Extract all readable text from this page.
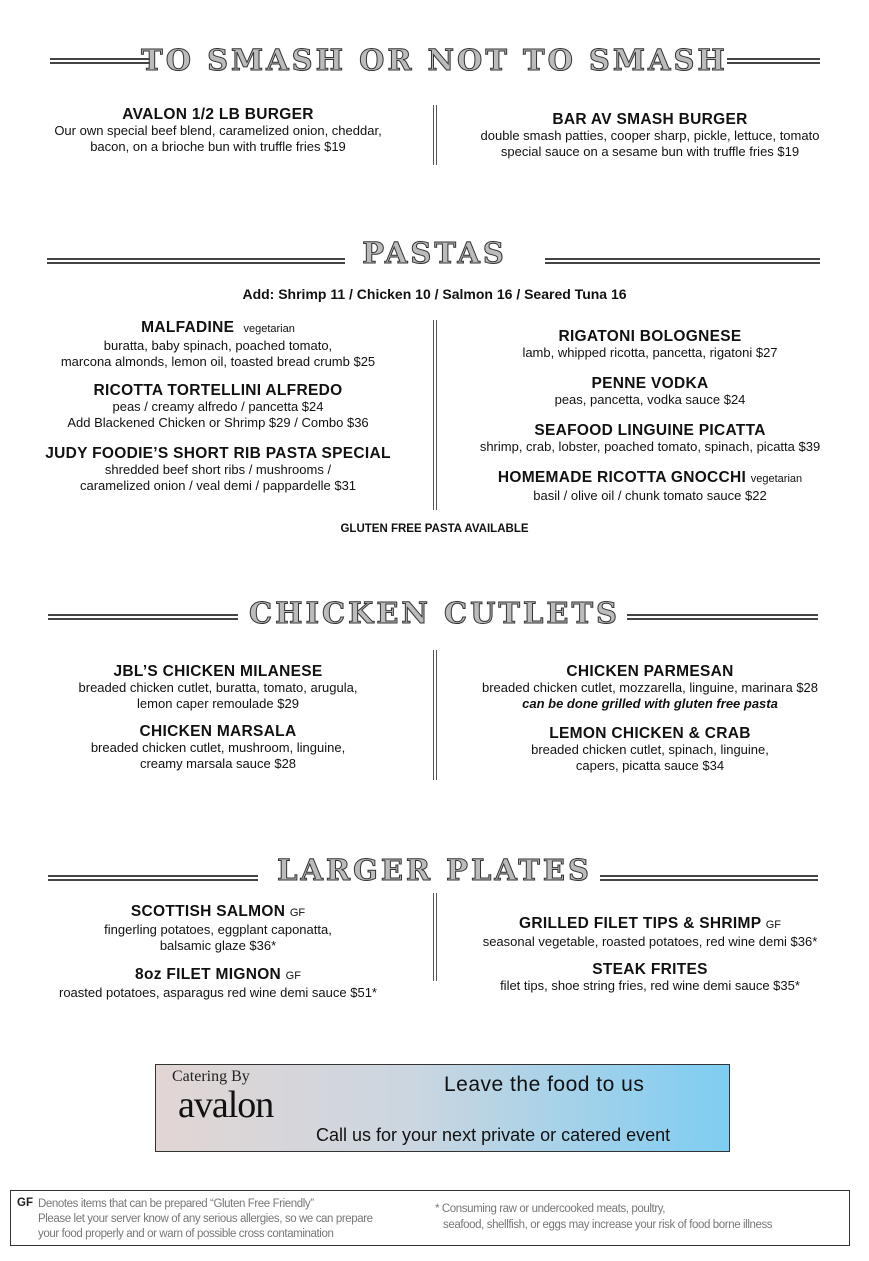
TO SMASH OR NOT TO SMASH
AVALON 1/2 LB BURGER
Our own special beef blend, caramelized onion, cheddar,
bacon, on a brioche bun with truffle fries $19
BAR AV SMASH BURGER
double smash patties, cooper sharp, pickle, lettuce, tomato
special sauce on a sesame bun with truffle fries $19
PASTAS
Add: Shrimp 11 / Chicken 10 / Salmon 16 / Seared Tuna 16
MALFADINE vegetarian
buratta, baby spinach, poached tomato,
marcona almonds, lemon oil, toasted bread crumb $25
RICOTTA TORTELLINI ALFREDO
peas / creamy alfredo / pancetta $24
Add Blackened Chicken or Shrimp $29 / Combo $36
JUDY FOODIE’S SHORT RIB PASTA SPECIAL
shredded beef short ribs / mushrooms /
caramelized onion / veal demi / pappardelle $31
RIGATONI BOLOGNESE
lamb, whipped ricotta, pancetta, rigatoni $27
PENNE VODKA
peas, pancetta, vodka sauce $24
SEAFOOD LINGUINE PICATTA
shrimp, crab, lobster, poached tomato, spinach, picatta $39
HOMEMADE RICOTTA GNOCCHI vegetarian
basil / olive oil / chunk tomato sauce $22
GLUTEN FREE PASTA AVAILABLE
CHICKEN CUTLETS
JBL’S CHICKEN MILANESE
breaded chicken cutlet, buratta, tomato, arugula,
lemon caper remoulade $29
CHICKEN MARSALA
breaded chicken cutlet, mushroom, linguine,
creamy marsala sauce $28
CHICKEN PARMESAN
breaded chicken cutlet, mozzarella, linguine, marinara $28
can be done grilled with gluten free pasta
LEMON CHICKEN & CRAB
breaded chicken cutlet, spinach, linguine,
capers, picatta sauce $34
LARGER PLATES
SCOTTISH SALMON GF
fingerling potatoes, eggplant caponatta,
balsamic glaze $36*
8oz FILET MIGNON GF
roasted potatoes, asparagus red wine demi sauce $51*
GRILLED FILET TIPS & SHRIMP GF
seasonal vegetable, roasted potatoes, red wine demi $36*
STEAK FRITES
filet tips, shoe string fries, red wine demi sauce $35*
Catering By
avalon	Leave the food to us
Call us for your next private or catered event
GF Denotes items that can be prepared “Gluten Free Friendly”
Please let your server know of any serious allergies, so we can prepare
your food properly and or warn of possible cross contamination
* Consuming raw or undercooked meats, poultry,
seafood, shellfish, or eggs may increase your risk of food borne illness
